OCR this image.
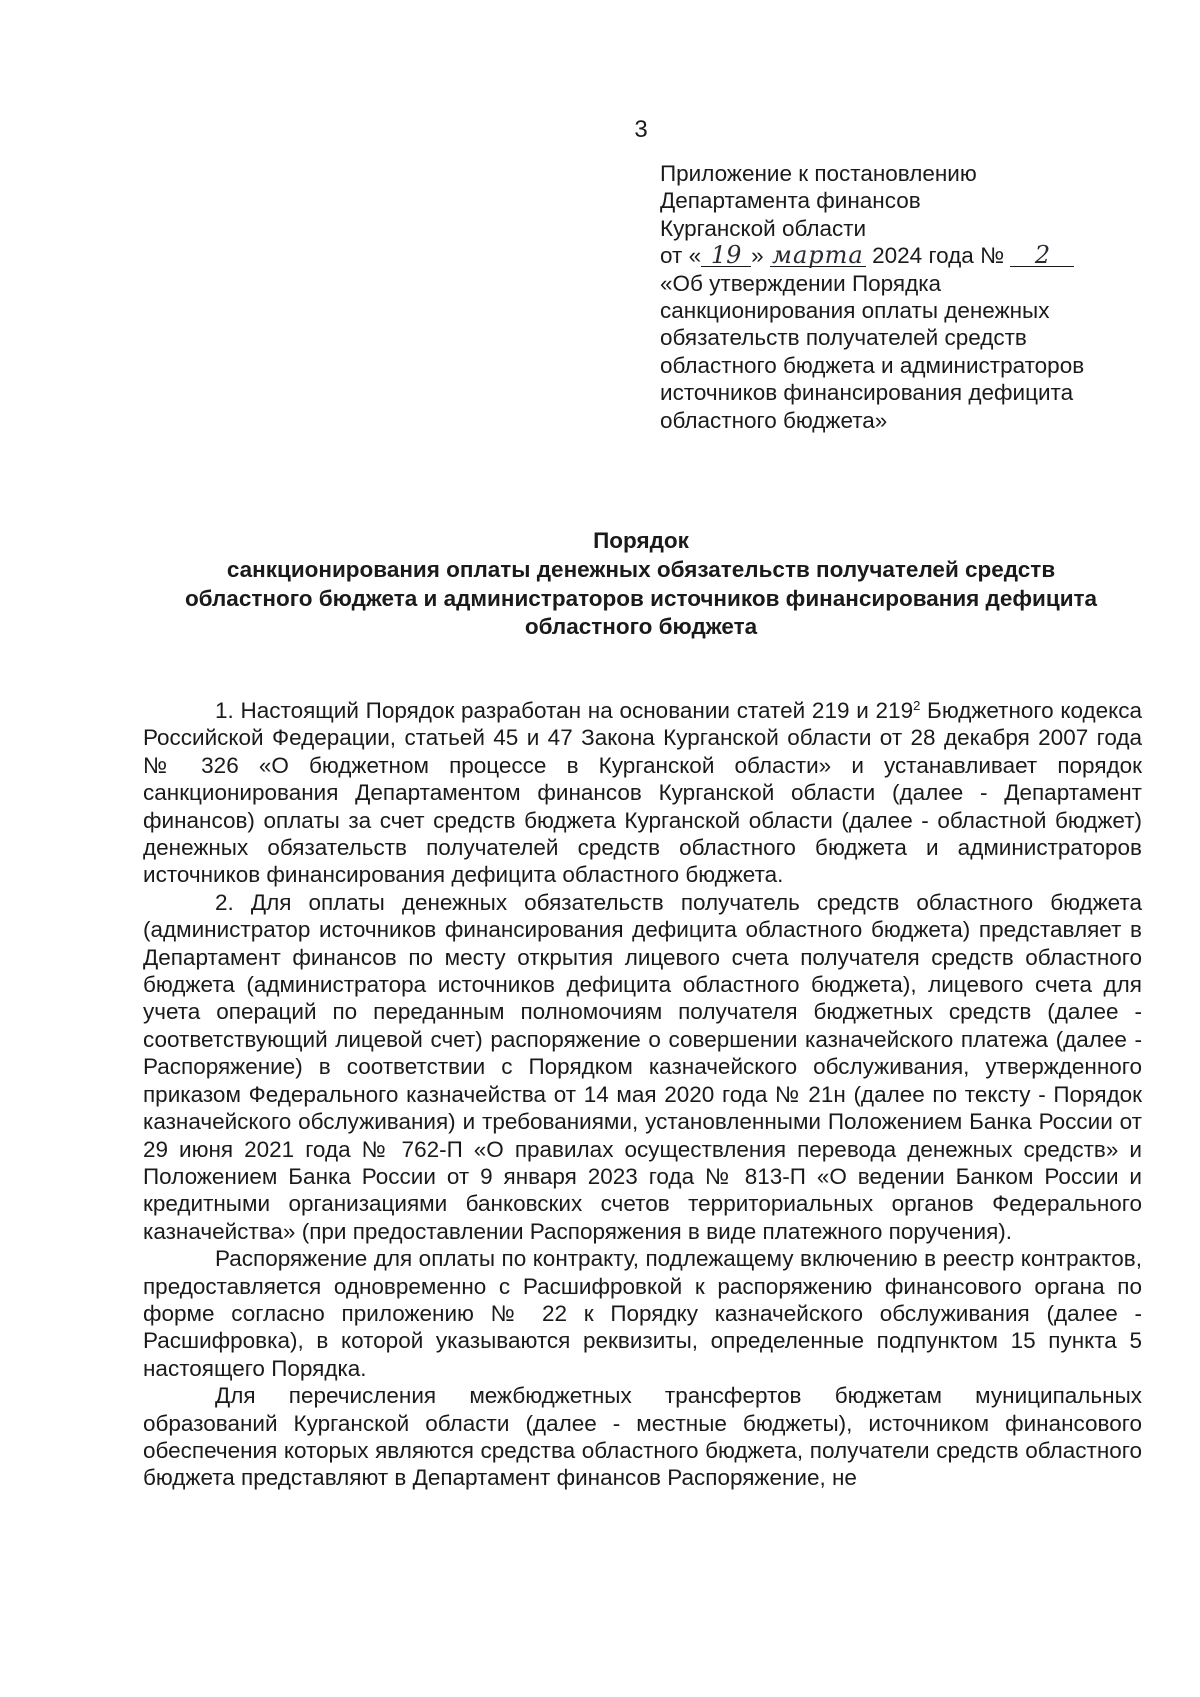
3
Приложение к постановлению
Департамента финансов
Курганской области
от « 19 » марта 2024 года № 2
«Об утверждении Порядка
санкционирования оплаты денежных
обязательств получателей средств
областного бюджета и администраторов
источников финансирования дефицита
областного бюджета»
Порядок
санкционирования оплаты денежных обязательств получателей средств
областного бюджета и администраторов источников финансирования дефицита
областного бюджета

1. Настоящий Порядок разработан на основании статей 219 и $219^2$ Бюджетного кодекса Российской Федерации, статьей 45 и 47 Закона Курганской области от 28 декабря 2007 года № 326 «О бюджетном процессе в Курганской области» и устанавливает порядок санкционирования Департаментом финансов Курганской области (далее - Департамент финансов) оплаты за счет средств бюджета Курганской области (далее - областной бюджет) денежных обязательств получателей средств областного бюджета и администраторов источников финансирования дефицита областного бюджета.

2. Для оплаты денежных обязательств получатель средств областного бюджета (администратор источников финансирования дефицита областного бюджета) представляет в Департамент финансов по месту открытия лицевого счета получателя средств областного бюджета (администратора источников дефицита областного бюджета), лицевого счета для учета операций по переданным полномочиям получателя бюджетных средств (далее - соответствующий лицевой счет) распоряжение о совершении казначейского платежа (далее - Распоряжение) в соответствии с Порядком казначейского обслуживания, утвержденного приказом Федерального казначейства от 14 мая 2020 года № 21н (далее по тексту - Порядок казначейского обслуживания) и требованиями, установленными Положением Банка России от 29 июня 2021 года № 762-П «О правилах осуществления перевода денежных средств» и Положением Банка России от 9 января 2023 года № 813-П «О ведении Банком России и кредитными организациями банковских счетов территориальных органов Федерального казначейства» (при предоставлении Распоряжения в виде платежного поручения).

Распоряжение для оплаты по контракту, подлежащему включению в реестр контрактов, предоставляется одновременно с Расшифровкой к распоряжению финансового органа по форме согласно приложению № 22 к Порядку казначейского обслуживания (далее - Расшифровка), в которой указываются реквизиты, определенные подпунктом 15 пункта 5 настоящего Порядка.

Для перечисления межбюджетных трансфертов бюджетам муниципальных образований Курганской области (далее - местные бюджеты), источником финансового обеспечения которых являются средства областного бюджета, получатели средств областного бюджета представляют в Департамент финансов Распоряжение, не
